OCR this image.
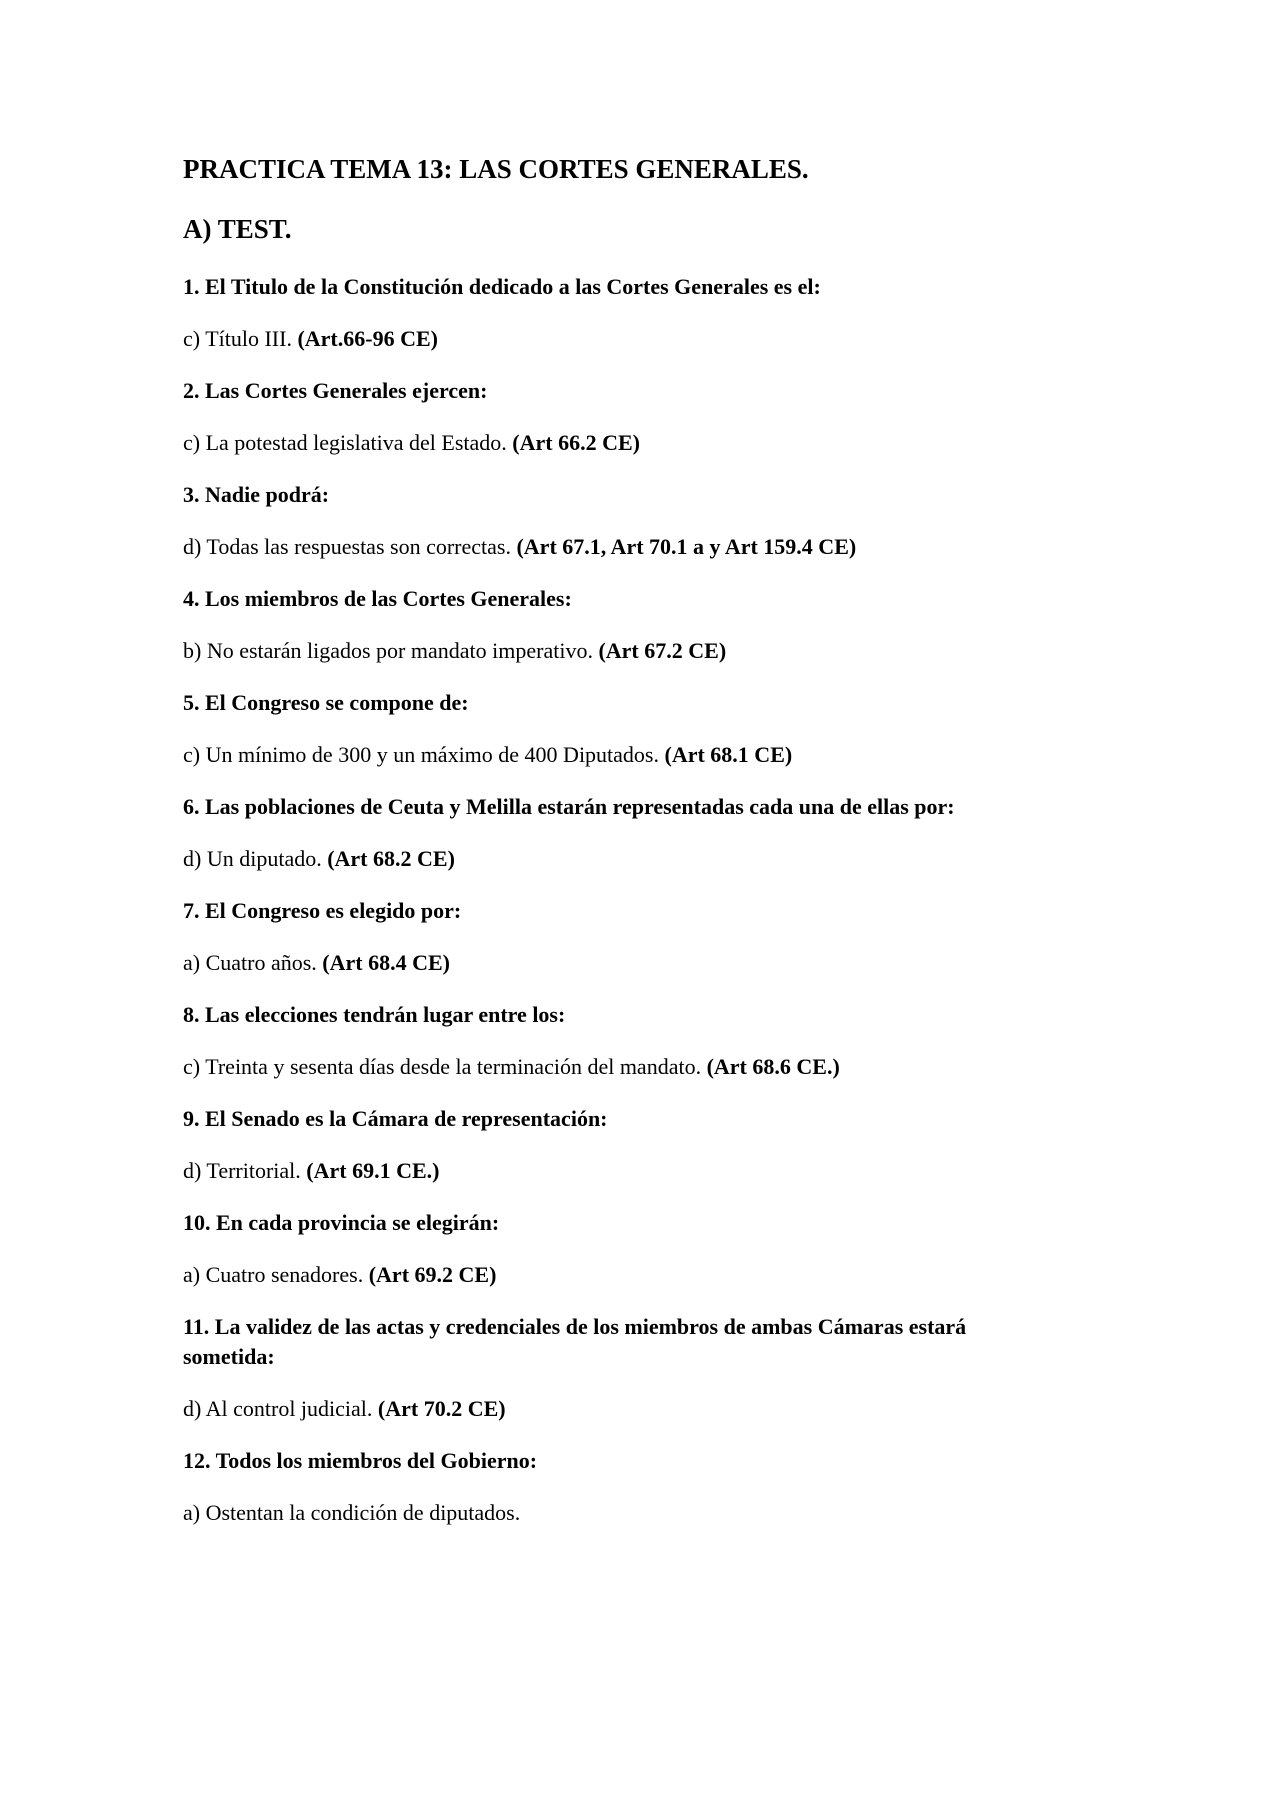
PRACTICA TEMA 13: LAS CORTES GENERALES.
A) TEST.

1. El Titulo de la Constitución dedicado a las Cortes Generales es el:

c) Título III. (Art.66-96 CE)

2. Las Cortes Generales ejercen:

c) La potestad legislativa del Estado. (Art 66.2 CE)

3. Nadie podrá:

d) Todas las respuestas son correctas. (Art 67.1, Art 70.1 a y Art 159.4 CE)

4. Los miembros de las Cortes Generales:

b) No estarán ligados por mandato imperativo. (Art 67.2 CE)

5. El Congreso se compone de:

c) Un mínimo de 300 y un máximo de 400 Diputados. (Art 68.1 CE)

6. Las poblaciones de Ceuta y Melilla estarán representadas cada una de ellas por:

d) Un diputado. (Art 68.2 CE)

7. El Congreso es elegido por:

a) Cuatro años. (Art 68.4 CE)

8. Las elecciones tendrán lugar entre los:

c) Treinta y sesenta días desde la terminación del mandato. (Art 68.6 CE.)

9. El Senado es la Cámara de representación:

d) Territorial. (Art 69.1 CE.)

10. En cada provincia se elegirán:

a) Cuatro senadores. (Art 69.2 CE)

11. La validez de las actas y credenciales de los miembros de ambas Cámaras estará sometida:

d) Al control judicial. (Art 70.2 CE)

12. Todos los miembros del Gobierno:

a) Ostentan la condición de diputados.
